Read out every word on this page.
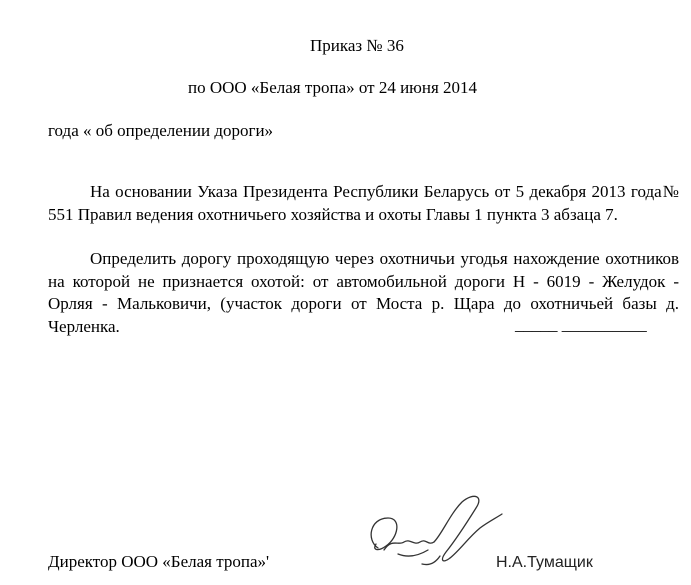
Приказ № 36
по ООО «Белая тропа» от 24 июня 2014
года « об определении дороги»
На основании Указа Президента Республики Беларусь от 5 декабря 2013 года№ 551 Правил ведения охотничьего хозяйства и охоты Главы 1 пункта 3 абзаца 7.
Определить дорогу проходящую через охотничьи угодья нахождение охотников на которой не признается охотой: от автомобильной дороги Н - 6019 - Желудок - Орляя - Мальковичи, (участок дороги от Моста р. Щара до охотничьей базы д. Черленка.	_____ __________
Директор ООО «Белая тропа»'	Н.А.Тумащик
